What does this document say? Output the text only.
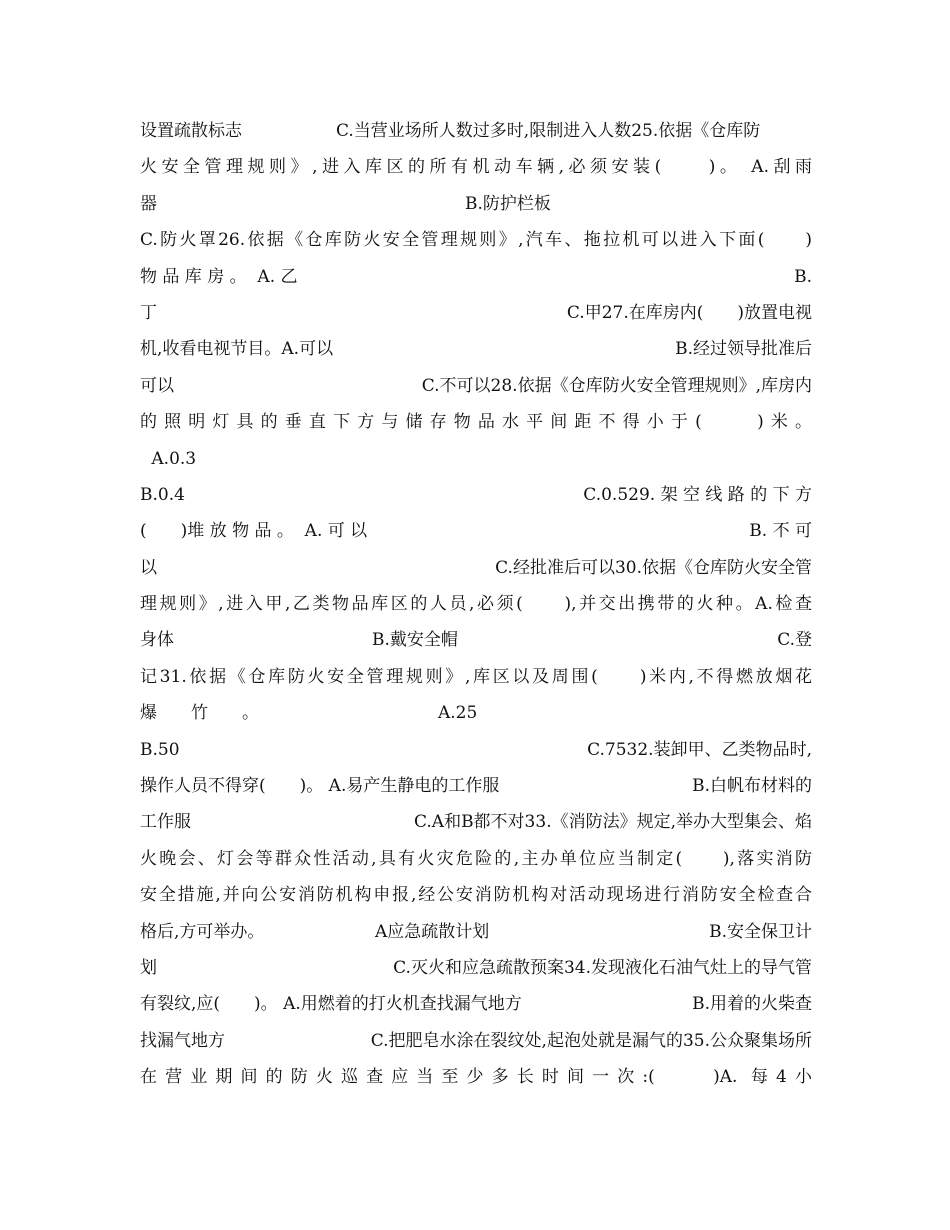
设置疏散标志	C.当营业场所人数过多时,限制进入人数25.依据《仓库防
火安全管理规则》,进入库区的所有机动车辆,必须安装(　　)。 A.刮雨
器	B.防护栏板
C.防火罩26.依据《仓库防火安全管理规则》,汽车、拖拉机可以进入下面(　　)
物 品 库 房 。  A. 乙	B.
丁	C.甲27.在库房内(　　)放置电视
机,收看电视节目。A.可以	B.经过领导批准后
可以	C.不可以28.依据《仓库防火安全管理规则》,库房内
的照明灯具的垂直下方与储存物品水平间距不得小于(　　)米。
A.0.3
B.0.4	C.0.529. 架 空 线 路 的 下 方
(　　)堆 放 物 品 。  A. 可 以	B. 不 可
以	C.经批准后可以30.依据《仓库防火安全管
理规则》,进入甲,乙类物品库区的人员,必须(　　),并交出携带的火种。A.检查
身体	B.戴安全帽	C.登
记31.依据《仓库防火安全管理规则》,库区以及周围(　　)米内,不得燃放烟花
爆　　竹　　。	A.25
B.50	C.7532.装卸甲、乙类物品时,
操作人员不得穿(　　)。 A.易产生静电的工作服	B.白帆布材料的
工作服	C.A和B都不对33.《消防法》规定,举办大型集会、焰
火晚会、灯会等群众性活动,具有火灾危险的,主办单位应当制定(　　),落实消防
安全措施,并向公安消防机构申报,经公安消防机构对活动现场进行消防安全检查合
格后,方可举办。	A应急疏散计划	B.安全保卫计
划	C.灭火和应急疏散预案34.发现液化石油气灶上的导气管
有裂纹,应(　　)。 A.用燃着的打火机查找漏气地方	B.用着的火柴查
找漏气地方	C.把肥皂水涂在裂纹处,起泡处就是漏气的35.公众聚集场所
在营业期间的防火巡查应当至少多长时间一次:(　　)A. 每4小
